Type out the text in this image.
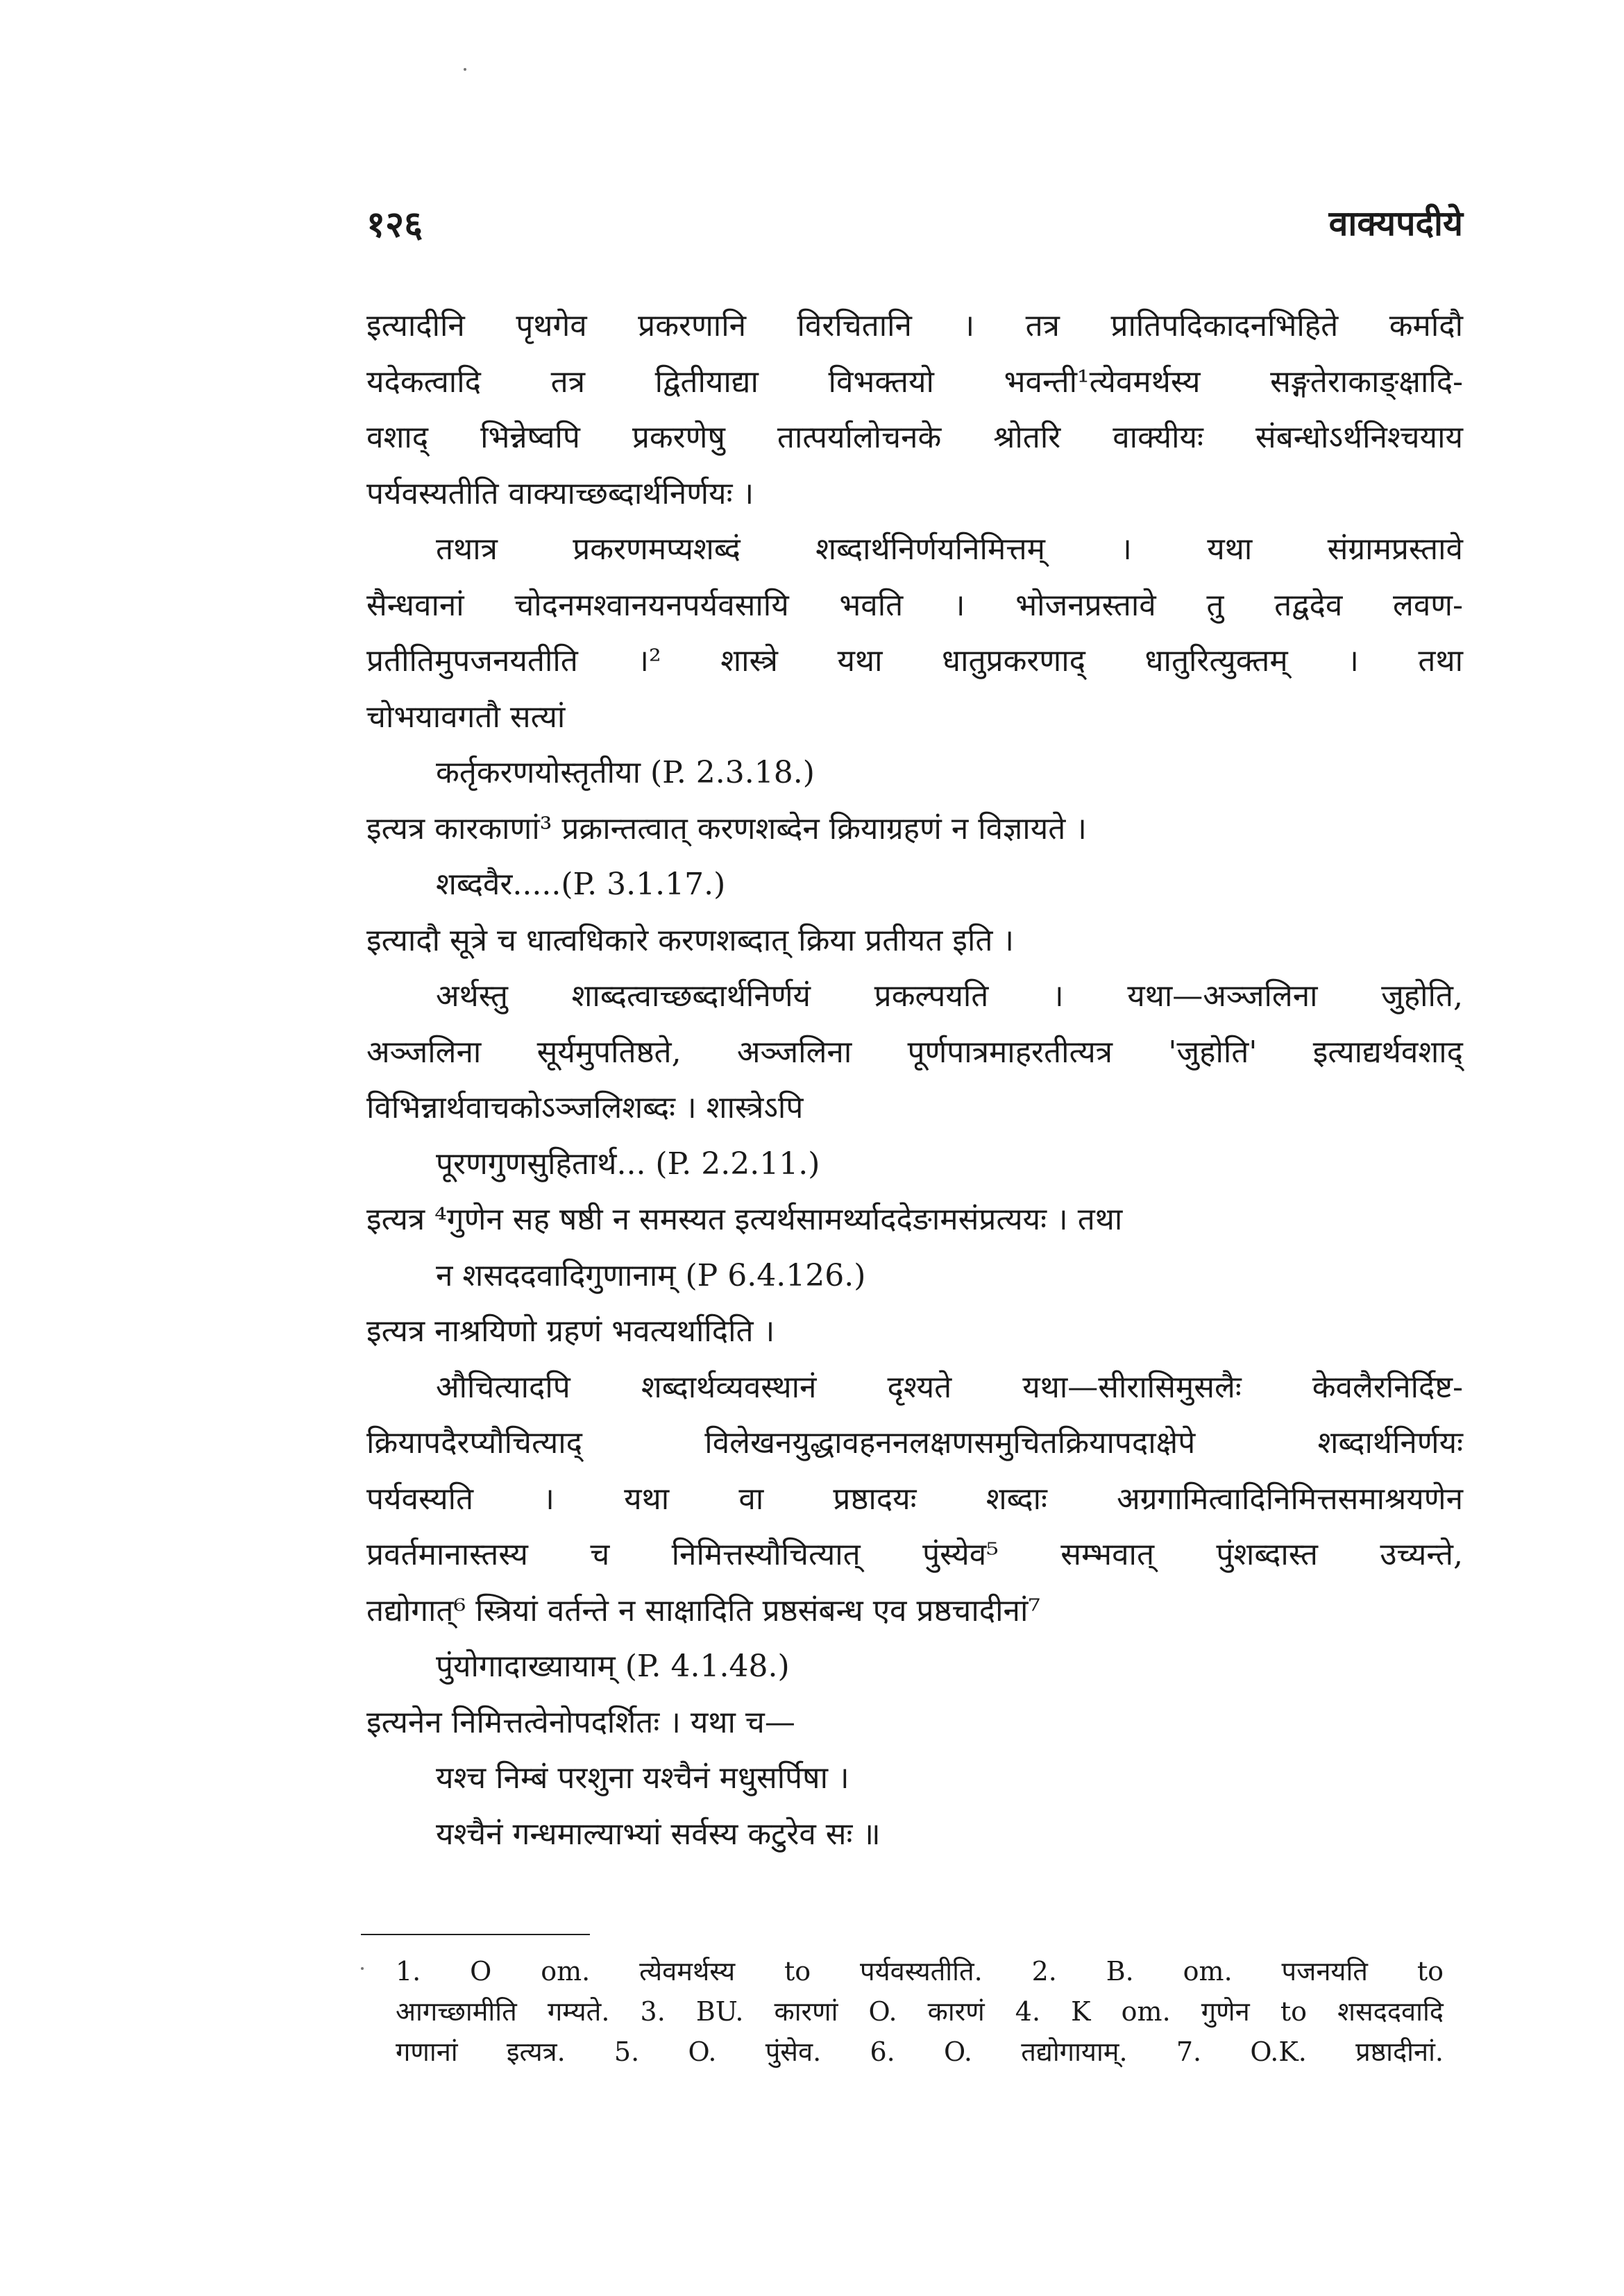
१२६	वाक्यपदीये
इत्यादीनि पृथगेव प्रकरणानि विरचितानि । तत्र प्रातिपदिकादनभिहिते कर्मादौ
यदेकत्वादि तत्र द्वितीयाद्या विभक्तयो भवन्ती¹त्येवमर्थस्य सङ्गतेराकाङ्क्षादि-
वशाद् भिन्नेष्वपि प्रकरणेषु तात्पर्यालोचनके श्रोतरि वाक्यीयः संबन्धोऽर्थनिश्चयाय
पर्यवस्यतीति वाक्याच्छब्दार्थनिर्णयः ।
तथात्र प्रकरणमप्यशब्दं शब्दार्थनिर्णयनिमित्तम् । यथा संग्रामप्रस्तावे
सैन्धवानां चोदनमश्वानयनपर्यवसायि भवति । भोजनप्रस्तावे तु तद्वदेव लवण-
प्रतीतिमुपजनयतीति ।² शास्त्रे यथा धातुप्रकरणाद् धातुरित्युक्तम् । तथा
चोभयावगतौ सत्यां
कर्तृकरणयोस्तृतीया (P. 2.3.18.)
इत्यत्र कारकाणां³ प्रक्रान्तत्वात् करणशब्देन क्रियाग्रहणं न विज्ञायते ।
शब्दवैर.....(P. 3.1.17.)
इत्यादौ सूत्रे च धात्वधिकारे करणशब्दात् क्रिया प्रतीयत इति ।
अर्थस्तु शाब्दत्वाच्छब्दार्थनिर्णयं प्रकल्पयति । यथा—अञ्जलिना जुहोति,
अञ्जलिना सूर्यमुपतिष्ठते, अञ्जलिना पूर्णपात्रमाहरतीत्यत्र 'जुहोति' इत्याद्यर्थवशाद्
विभिन्नार्थवाचकोऽञ्जलिशब्दः । शास्त्रेऽपि
पूरणगुणसुहितार्थ... (P. 2.2.11.)
इत्यत्र ⁴गुणेन सह षष्ठी न समस्यत इत्यर्थसामर्थ्याददेङामसंप्रत्ययः । तथा
न शसददवादिगुणानाम् (P 6.4.126.)
इत्यत्र नाश्रयिणो ग्रहणं भवत्यर्थादिति ।
औचित्यादपि शब्दार्थव्यवस्थानं दृश्यते यथा—सीरासिमुसलैः केवलैरनिर्दिष्ट-
क्रियापदैरप्यौचित्याद् विलेखनयुद्धावहननलक्षणसमुचितक्रियापदाक्षेपे शब्दार्थनिर्णयः
पर्यवस्यति । यथा वा प्रष्ठादयः शब्दाः अग्रगामित्वादिनिमित्तसमाश्रयणेन
प्रवर्तमानास्तस्य च निमित्तस्यौचित्यात् पुंस्येव⁵ सम्भवात् पुंशब्दास्त उच्यन्ते,
तद्योगात्⁶ स्त्रियां वर्तन्ते न साक्षादिति प्रष्ठसंबन्ध एव प्रष्ठचादीनां⁷
पुंयोगादाख्यायाम् (P. 4.1.48.)
इत्यनेन निमित्तत्वेनोपदर्शितः । यथा च—
यश्च निम्बं परशुना यश्चैनं मधुसर्पिषा ।
यश्चैनं गन्धमाल्याभ्यां सर्वस्य कटुरेव सः ॥
1. O om. त्येवमर्थस्य to पर्यवस्यतीति. 2. B. om. पजनयति to
आगच्छामीति गम्यते. 3. BU. कारणां O. कारणं 4. K om. गुणेन to शसददवादि
गणानां इत्यत्र. 5. O. पुंसेव. 6. O. तद्योगायाम्. 7. O.K. प्रष्ठादीनां.
